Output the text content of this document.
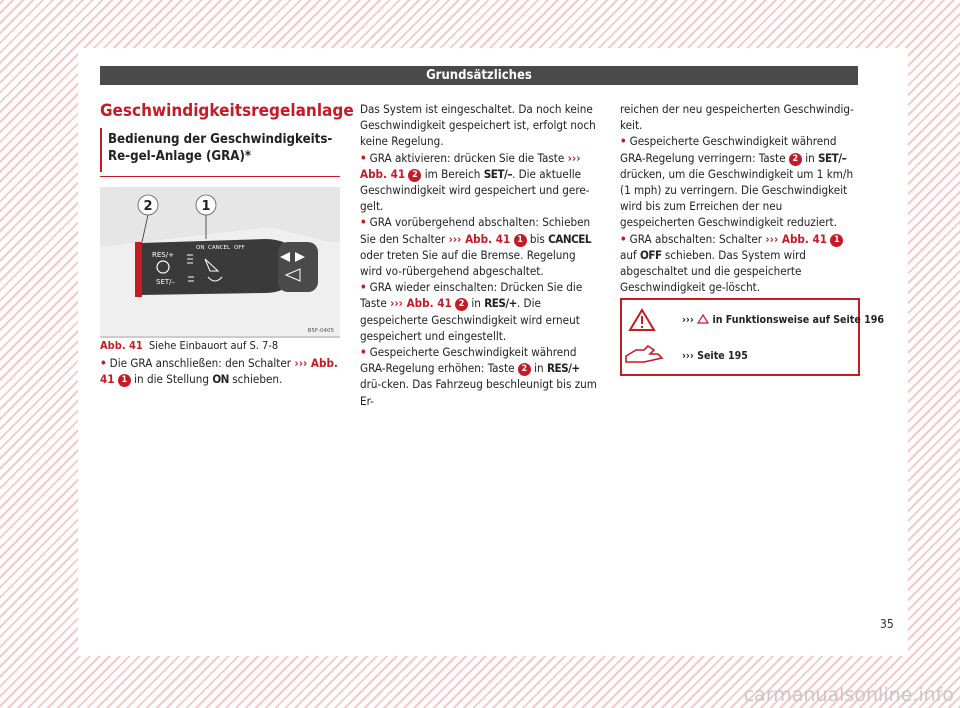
Grundsätzliches
Geschwindigkeitsregelanlage
Bedienung der Geschwindigkeits-Re-gel-Anlage (GRA)*
RES/+
ON CANCEL OFF
SET/–
2	1
B5F-0405
Abb. 41 Siehe Einbauort auf S. 7-8
• Die GRA anschließen: den Schalter ››› Abb. 41 1 in die Stellung ON schieben.

Das System ist eingeschaltet. Da noch keine Geschwindigkeit gespeichert ist, erfolgt noch keine Regelung.

• GRA aktivieren: drücken Sie die Taste ››› Abb. 41 2 im Bereich SET/–. Die aktuelle Geschwindigkeit wird gespeichert und gere-gelt.

• GRA vorübergehend abschalten: Schieben Sie den Schalter ››› Abb. 41 1 bis CANCEL oder treten Sie auf die Bremse. Regelung wird vo-rübergehend abgeschaltet.

• GRA wieder einschalten: Drücken Sie die Taste ››› Abb. 41 2 in RES/+. Die gespeicherte Geschwindigkeit wird erneut gespeichert und eingestellt.

• Gespeicherte Geschwindigkeit während GRA-Regelung erhöhen: Taste 2 in RES/+ drü-cken. Das Fahrzeug beschleunigt bis zum Er-

reichen der neu gespeicherten Geschwindig-keit.

• Gespeicherte Geschwindigkeit während GRA-Regelung verringern: Taste 2 in SET/– drücken, um die Geschwindigkeit um 1 km/h (1 mph) zu verringern. Die Geschwindigkeit wird bis zum Erreichen der neu gespeicherten Geschwindigkeit reduziert.

• GRA abschalten: Schalter ››› Abb. 41 1 auf OFF schieben. Das System wird abgeschaltet und die gespeicherte Geschwindigkeit ge-löscht.

››› in Funktionsweise auf Seite 196
››› Seite 195
35
carmanualsonline.info
